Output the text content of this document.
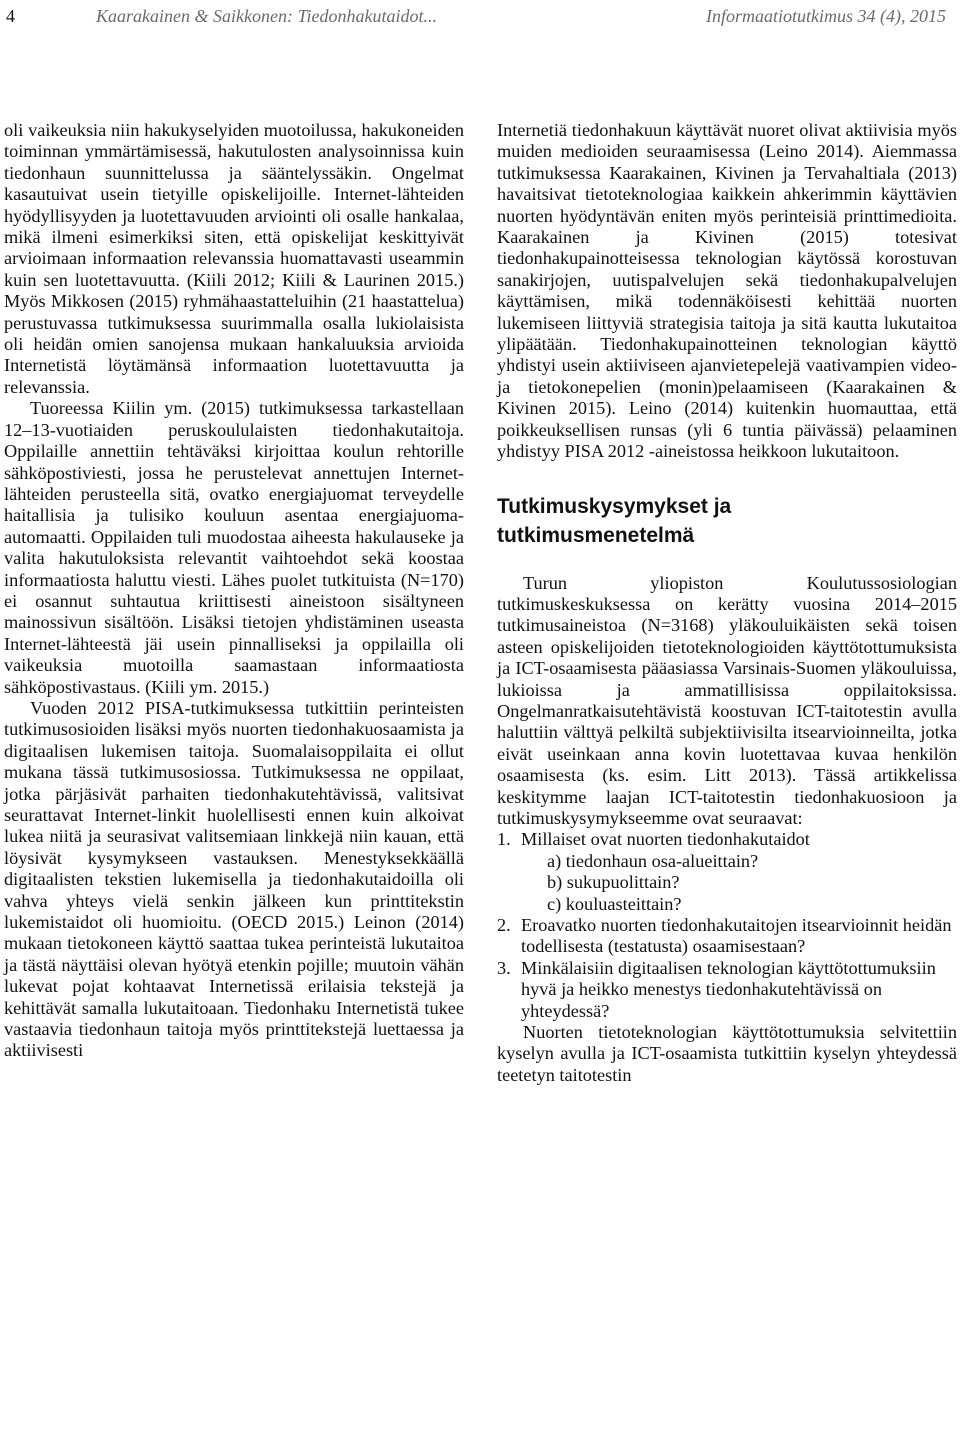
4	Kaarakainen & Saikkonen: Tiedonhakutaidot...	Informaatiotutkimus 34 (4), 2015

oli vaikeuksia niin hakukyselyiden muotoilussa, hakukoneiden toiminnan ymmärtämisessä, hakutulosten analysoinnissa kuin tiedonhaun suunnittelussa ja sääntelyssäkin. Ongelmat kasautuivat usein tietyille opiskelijoille. Internet-lähteiden hyödyllisyyden ja luotettavuuden arviointi oli osalle hankalaa, mikä ilmeni esimerkiksi siten, että opiskelijat keskittyivät arvioimaan informaation relevanssia huomattavasti useammin kuin sen luotettavuutta. (Kiili 2012; Kiili & Laurinen 2015.) Myös Mikkosen (2015) ryhmähaastatteluihin (21 haastattelua) perustuvassa tutkimuksessa suurimmalla osalla lukiolaisista oli heidän omien sanojensa mukaan hankaluuksia arvioida Internetistä löytämänsä informaation luotettavuutta ja relevanssia.

Tuoreessa Kiilin ym. (2015) tutkimuksessa tarkastellaan 12–13-vuotiaiden peruskoululaisten tiedonhakutaitoja. Oppilaille annettiin tehtäväksi kirjoittaa koulun rehtorille sähköpostiviesti, jossa he perustelevat annettujen Internet-lähteiden perusteella sitä, ovatko energiajuomat terveydelle haitallisia ja tulisiko kouluun asentaa energiajuoma-automaatti. Oppilaiden tuli muodostaa aiheesta hakulauseke ja valita hakutuloksista relevantit vaihtoehdot sekä koostaa informaatiosta haluttu viesti. Lähes puolet tutkituista (N=170) ei osannut suhtautua kriittisesti aineistoon sisältyneen mainossivun sisältöön. Lisäksi tietojen yhdistäminen useasta Internet-lähteestä jäi usein pinnalliseksi ja oppilailla oli vaikeuksia muotoilla saamastaan informaatiosta sähköpostivastaus. (Kiili ym. 2015.)

Vuoden 2012 PISA-tutkimuksessa tutkittiin perinteisten tutkimusosioiden lisäksi myös nuorten tiedonhakuosaamista ja digitaalisen lukemisen taitoja. Suomalaisoppilaita ei ollut mukana tässä tutkimusosiossa. Tutkimuksessa ne oppilaat, jotka pärjäsivät parhaiten tiedonhakutehtävissä, valitsivat seurattavat Internet-linkit huolellisesti ennen kuin alkoivat lukea niitä ja seurasivat valitsemiaan linkkejä niin kauan, että löysivät kysymykseen vastauksen. Menestyksekkäällä digitaalisten tekstien lukemisella ja tiedonhakutaidoilla oli vahva yhteys vielä senkin jälkeen kun printtitekstin lukemistaidot oli huomioitu. (OECD 2015.) Leinon (2014) mukaan tietokoneen käyttö saattaa tukea perinteistä lukutaitoa ja tästä näyttäisi olevan hyötyä etenkin pojille; muutoin vähän lukevat pojat kohtaavat Internetissä erilaisia tekstejä ja kehittävät samalla lukutaitoaan. Tiedonhaku Internetistä tukee vastaavia tiedonhaun taitoja myös printtitekstejä luettaessa ja aktiivisesti

Internetiä tiedonhakuun käyttävät nuoret olivat aktiivisia myös muiden medioiden seuraamisessa (Leino 2014). Aiemmassa tutkimuksessa Kaarakainen, Kivinen ja Tervahaltiala (2013) havaitsivat tietoteknologiaa kaikkein ahkerimmin käyttävien nuorten hyödyntävän eniten myös perinteisiä printtimedioita. Kaarakainen ja Kivinen (2015) totesivat tiedonhakupainotteisessa teknologian käytössä korostuvan sanakirjojen, uutispalvelujen sekä tiedonhakupalvelujen käyttämisen, mikä todennäköisesti kehittää nuorten lukemiseen liittyviä strategisia taitoja ja sitä kautta lukutaitoa ylipäätään. Tiedonhakupainotteinen teknologian käyttö yhdistyi usein aktiiviseen ajanvietepelejä vaativampien video- ja tietokonepelien (monin)pelaamiseen (Kaarakainen & Kivinen 2015). Leino (2014) kuitenkin huomauttaa, että poikkeuksellisen runsas (yli 6 tuntia päivässä) pelaaminen yhdistyy PISA 2012 -aineistossa heikkoon lukutaitoon.

Tutkimuskysymykset ja tutkimusmenetelmä

Turun yliopiston Koulutussosiologian tutkimuskeskuksessa on kerätty vuosina 2014–2015 tutkimusaineistoa (N=3168) yläkouluikäisten sekä toisen asteen opiskelijoiden tietoteknologioiden käyttötottumuksista ja ICT-osaamisesta pääasiassa Varsinais-Suomen yläkouluissa, lukioissa ja ammatillisissa oppilaitoksissa. Ongelmanratkaisutehtävistä koostuvan ICT-taitotestin avulla haluttiin välttyä pelkiltä subjektiivisilta itsearvioinneilta, jotka eivät useinkaan anna kovin luotettavaa kuvaa henkilön osaamisesta (ks. esim. Litt 2013). Tässä artikkelissa keskitymme laajan ICT-taitotestin tiedonhakuosioon ja tutkimuskysymykseemme ovat seuraavat:

1. Millaiset ovat nuorten tiedonhakutaidot
a) tiedonhaun osa-alueittain?
b) sukupuolittain?
c) kouluasteittain?
2. Eroavatko nuorten tiedonhakutaitojen itsearvioinnit heidän todellisesta (testatusta) osaamisestaan?
3. Minkälaisiin digitaalisen teknologian käyttötottumuksiin hyvä ja heikko menestys tiedonhakutehtävissä on yhteydessä?

Nuorten tietoteknologian käyttötottumuksia selvitettiin kyselyn avulla ja ICT-osaamista tutkittiin kyselyn yhteydessä teetetyn taitotestin
